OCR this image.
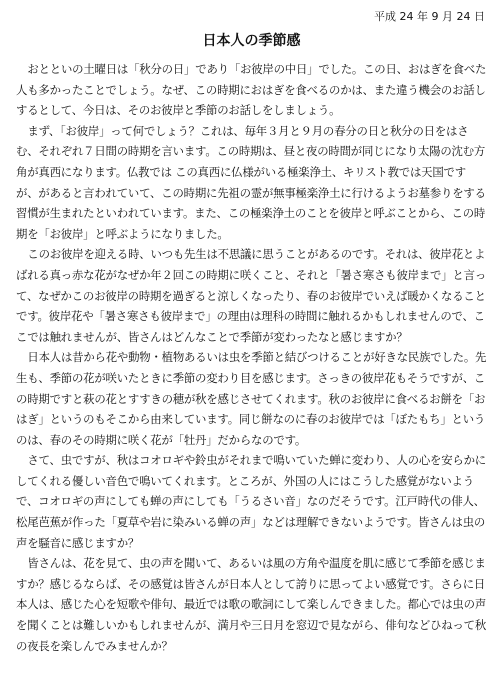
平成 24 年 9 月 24 日
日本人の季節感

おとといの土曜日は「秋分の日」であり「お彼岸の中日」でした。この日、おはぎを食べた人も多かったことでしょう。なぜ、この時期におはぎを食べるのかは、また違う機会のお話しするとして、今日は、そのお彼岸と季節のお話しをしましょう。

まず、「お彼岸」って何でしょう？これは、毎年３月と９月の春分の日と秋分の日をはさむ、それぞれ７日間の時期を言います。この時期は、昼と夜の時間が同じになり太陽の沈む方角が真西になります。仏教では この真西に仏様がいる極楽浄土、キリスト教では天国ですが、があると言われていて、この時期に先祖の霊が無事極楽浄土に行けるようお墓参りをする習慣が生まれたといわれています。また、この極楽浄土のことを彼岸と呼ぶことから、この時期を「お彼岸」と呼ぶようになりました。

このお彼岸を迎える時、いつも先生は不思議に思うことがあるのです。それは、彼岸花とよばれる真っ赤な花がなぜか年２回この時期に咲くこと、それと「暑さ寒さも彼岸まで」と言って、なぜかこのお彼岸の時期を過ぎると涼しくなったり、春のお彼岸でいえば暖かくなることです。彼岸花や「暑さ寒さも彼岸まで」の理由は理科の時間に触れるかもしれませんので、ここでは触れませんが、皆さんはどんなことで季節が変わったなと感じますか？

日本人は昔から花や動物・植物あるいは虫を季節と結びつけることが好きな民族でした。先生も、季節の花が咲いたときに季節の変わり目を感じます。さっきの彼岸花もそうですが、この時期ですと萩の花とすすきの穂が秋を感じさせてくれます。秋のお彼岸に食べるお餅を「おはぎ」というのもそこから由来しています。同じ餅なのに春のお彼岸では「ぼたもち」というのは、春のその時期に咲く花が「牡丹」だからなのです。

さて、虫ですが、秋はコオロギや鈴虫がそれまで鳴いていた蝉に変わり、人の心を安らかにしてくれる優しい音色で鳴いてくれます。ところが、外国の人にはこうした感覚がないようで、コオロギの声にしても蝉の声にしても「うるさい音」なのだそうです。江戸時代の俳人、松尾芭蕉が作った「夏草や岩に染みいる蝉の声」などは理解できないようです。皆さんは虫の声を騒音に感じますか？

皆さんは、花を見て、虫の声を聞いて、あるいは風の方角や温度を肌に感じて季節を感じますか？感じるならば、その感覚は皆さんが日本人として誇りに思ってよい感覚です。さらに日本人は、感じた心を短歌や俳句、最近では歌の歌詞にして楽しんできました。都心では虫の声を聞くことは難しいかもしれませんが、満月や三日月を窓辺で見ながら、俳句などひねって秋の夜長を楽しんでみませんか？
